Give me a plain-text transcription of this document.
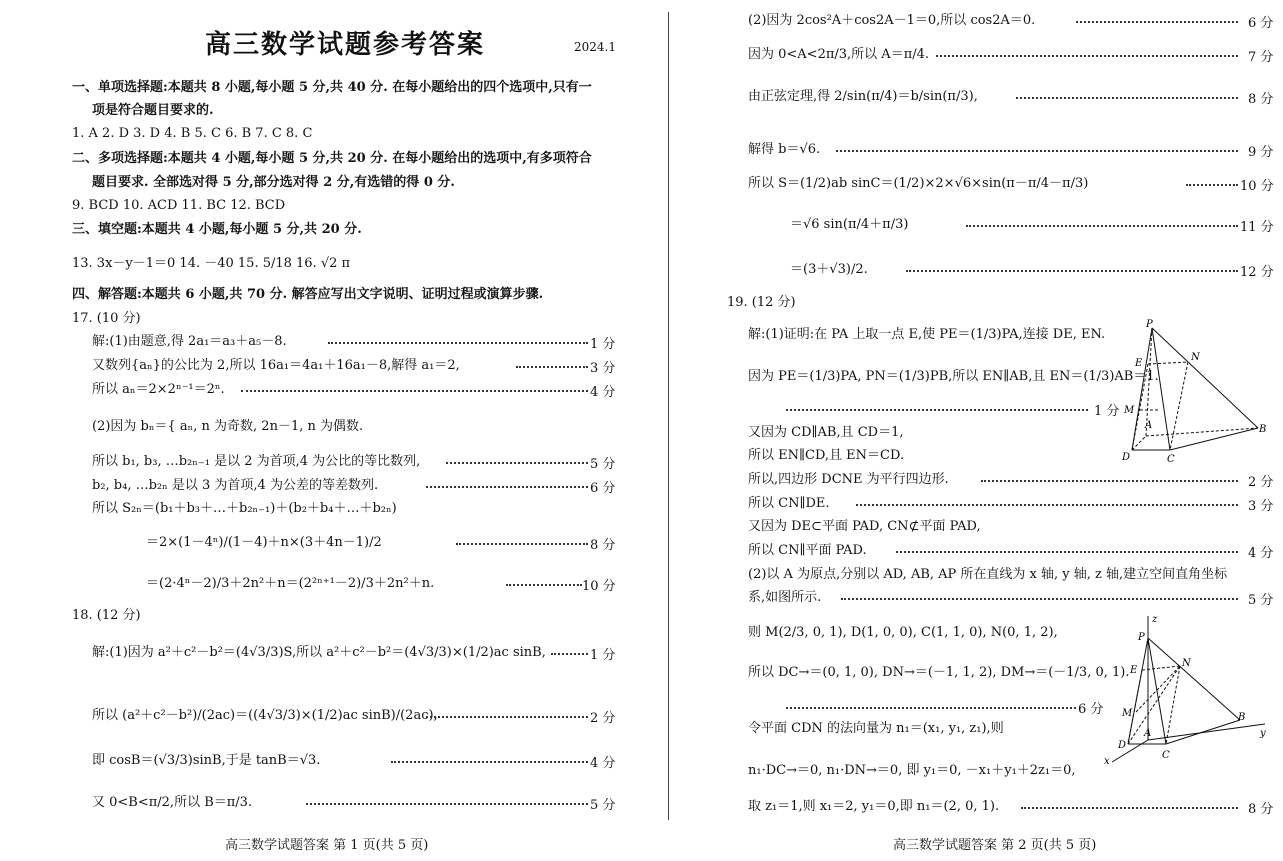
高三数学试题参考答案	2024.1
一、单项选择题:本题共 8 小题,每小题 5 分,共 40 分. 在每小题给出的四个选项中,只有一
项是符合题目要求的.
1. A 2. D 3. D 4. B 5. C 6. B 7. C 8. C
二、多项选择题:本题共 4 小题,每小题 5 分,共 20 分. 在每小题给出的选项中,有多项符合
题目要求. 全部选对得 5 分,部分选对得 2 分,有选错的得 0 分.
9. BCD 10. ACD 11. BC 12. BCD
三、填空题:本题共 4 小题,每小题 5 分,共 20 分.
13. 3x－y－1＝0 14. －40 15. 5/18 16. √2 π
四、解答题:本题共 6 小题,共 70 分. 解答应写出文字说明、证明过程或演算步骤.
17. (10 分)
解:(1)由题意,得 2a₁＝a₃＋a₅－8.
又数列{aₙ}的公比为 2,所以 16a₁＝4a₁＋16a₁－8,解得 a₁＝2,
所以 aₙ＝2×2ⁿ⁻¹＝2ⁿ.
(2)因为 bₙ＝{ aₙ, n 为奇数, 2n－1, n 为偶数.
所以 b₁, b₃, …b₂ₙ₋₁ 是以 2 为首项,4 为公比的等比数列,
b₂, b₄, …b₂ₙ 是以 3 为首项,4 为公差的等差数列.
所以 S₂ₙ＝(b₁＋b₃＋…＋b₂ₙ₋₁)＋(b₂＋b₄＋…＋b₂ₙ)
＝2×(1－4ⁿ)/(1－4)＋n×(3＋4n－1)/2
＝(2·4ⁿ－2)/3＋2n²＋n＝(2²ⁿ⁺¹－2)/3＋2n²＋n.
18. (12 分)
解:(1)因为 a²＋c²－b²＝(4√3/3)S,所以 a²＋c²－b²＝(4√3/3)×(1/2)ac sinB,
所以 (a²＋c²－b²)/(2ac)＝((4√3/3)×(1/2)ac sinB)/(2ac),
即 cosB＝(√3/3)sinB,于是 tanB＝√3.
又 0<B<π/2,所以 B＝π/3.
1 分
3 分
4 分
5 分
6 分
8 分
10 分
1 分
2 分
4 分
5 分
高三数学试题答案 第 1 页(共 5 页)
(2)因为 2cos²A＋cos2A－1＝0,所以 cos2A＝0.
因为 0<A<2π/3,所以 A＝π/4.
由正弦定理,得 2/sin(π/4)＝b/sin(π/3),
解得 b＝√6.
所以 S＝(1/2)ab sinC＝(1/2)×2×√6×sin(π－π/4－π/3)
＝√6 sin(π/4＋π/3)
＝(3＋√3)/2.
19. (12 分)
解:(1)证明:在 PA 上取一点 E,使 PE＝(1/3)PA,连接 DE, EN.
因为 PE＝(1/3)PA, PN＝(1/3)PB,所以 EN∥AB,且 EN＝(1/3)AB＝1.
又因为 CD∥AB,且 CD＝1,
所以 EN∥CD,且 EN＝CD.
所以,四边形 DCNE 为平行四边形.
所以 CN∥DE.
又因为 DE⊂平面 PAD, CN⊄平面 PAD,
所以 CN∥平面 PAD.
(2)以 A 为原点,分别以 AD, AB, AP 所在直线为 x 轴, y 轴, z 轴,建立空间直角坐标
系,如图所示.
则 M(2/3, 0, 1), D(1, 0, 0), C(1, 1, 0), N(0, 1, 2),
所以 DC→＝(0, 1, 0), DN→＝(－1, 1, 2), DM→＝(－1/3, 0, 1).
令平面 CDN 的法向量为 n₁＝(x₁, y₁, z₁),则
n₁·DC→＝0, n₁·DN→＝0, 即 y₁＝0, －x₁＋y₁＋2z₁＝0,
取 z₁＝1,则 x₁＝2, y₁＝0,即 n₁＝(2, 0, 1).
6 分
7 分
8 分
9 分
10 分
11 分
12 分
1 分
2 分
3 分
4 分
5 分
6 分
8 分
P
E
N
M
A
D	C
B
z
P
E
N
M
A
D
C
B
y
x
高三数学试题答案 第 2 页(共 5 页)
